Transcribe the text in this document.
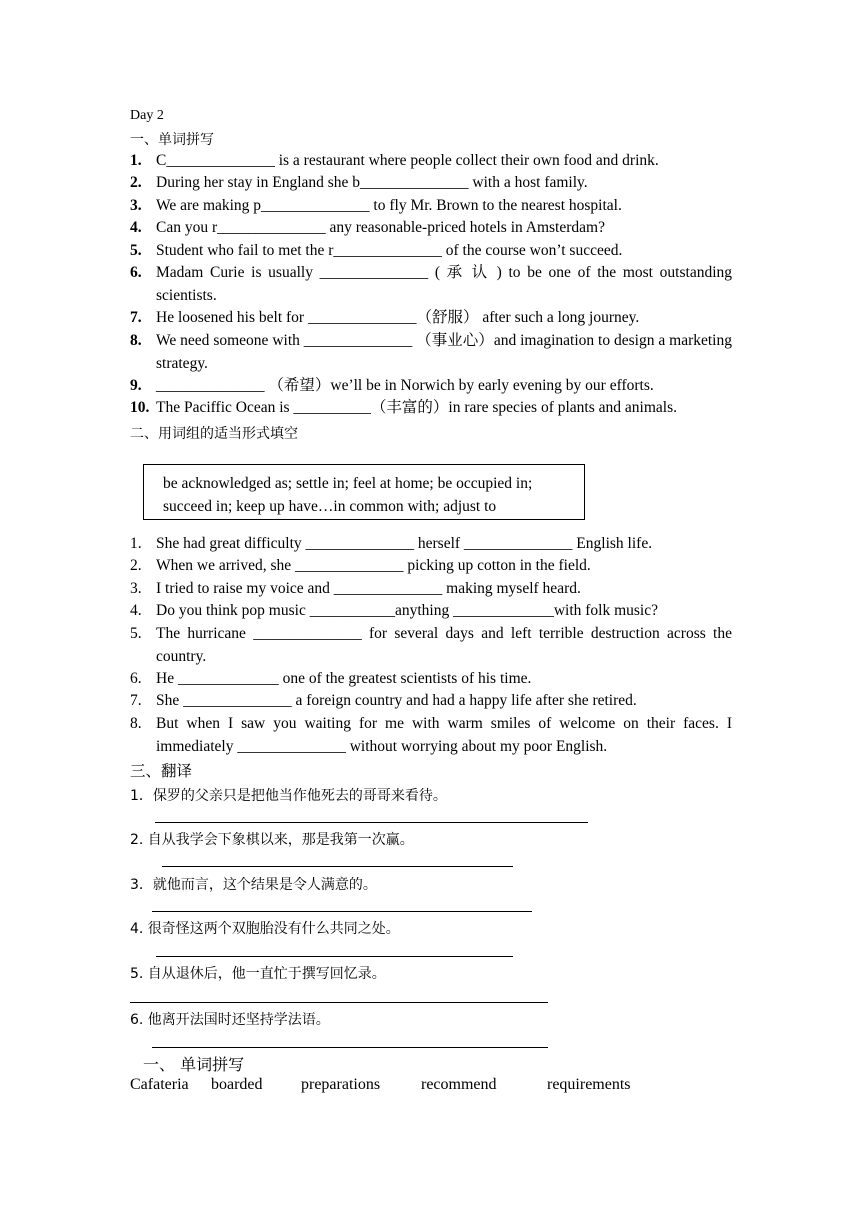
Day 2
一、单词拼写
1. C______________ is a restaurant where people collect their own food and drink.
2. During her stay in England she b______________ with a host family.
3. We are making p______________ to fly Mr. Brown to the nearest hospital.
4. Can you r______________ any reasonable-priced hotels in Amsterdam?
5. Student who fail to met the r______________ of the course won’t succeed.
6. Madam Curie is usually ______________ ( 承 认 ) to be one of the most outstanding scientists.
7. He loosened his belt for ______________（舒服） after such a long journey.
8. We need someone with ______________ （事业心）and imagination to design a marketing strategy.
9. ______________ （希望）we’ll be in Norwich by early evening by our efforts.
10. The Paciffic Ocean is __________（丰富的）in rare species of plants and animals.
二、用词组的适当形式填空
be acknowledged as; settle in; feel at home; be occupied in;
succeed in; keep up have…in common with; adjust to
1. She had great difficulty ______________ herself ______________ English life.
2. When we arrived, she ______________ picking up cotton in the field.
3. I tried to raise my voice and ______________ making myself heard.
4. Do you think pop music ___________anything _____________with folk music?
5. The hurricane ______________ for several days and left terrible destruction across the country.
6. He _____________ one of the greatest scientists of his time.
7. She ______________ a foreign country and had a happy life after she retired.
8. But when I saw you waiting for me with warm smiles of welcome on their faces. I immediately ______________ without worrying about my poor English.
三、翻译
1．保罗的父亲只是把他当作他死去的哥哥来看待。
2. 自从我学会下象棋以来，那是我第一次赢。
3．就他而言，这个结果是令人满意的。
4. 很奇怪这两个双胞胎没有什么共同之处。
5. 自从退休后，他一直忙于撰写回忆录。
6. 他离开法国时还坚持学法语。
一、 单词拼写
Cafateria boarded preparations	recommend	requirements
